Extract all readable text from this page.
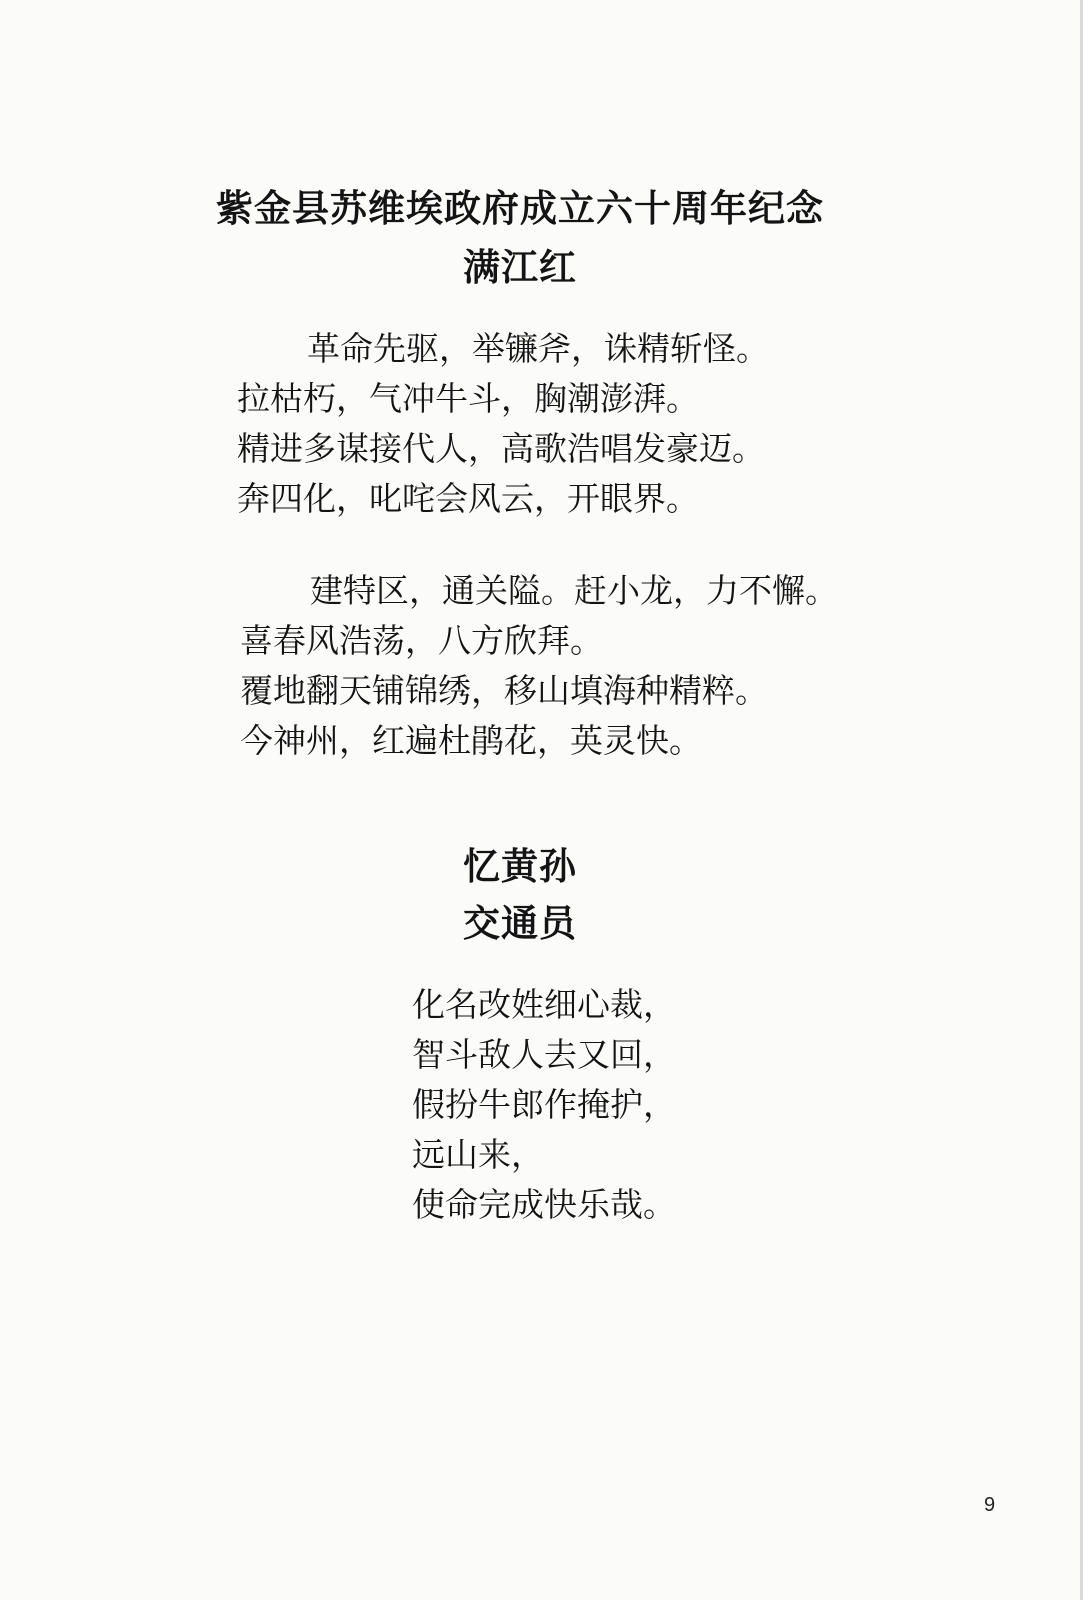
紫金县苏维埃政府成立六十周年纪念
满江红
革命先驱，举镰斧，诛精斩怪。
拉枯朽，气冲牛斗，胸潮澎湃。
精进多谋接代人，高歌浩唱发豪迈。
奔四化，叱咤会风云，开眼界。
建特区，通关隘。赶小龙，力不懈。
喜春风浩荡，八方欣拜。
覆地翻天铺锦绣，移山填海种精粹。
今神州，红遍杜鹃花，英灵快。
忆黄孙
交通员
化名改姓细心裁，
智斗敌人去又回，
假扮牛郎作掩护，
远山来，
使命完成快乐哉。
9
